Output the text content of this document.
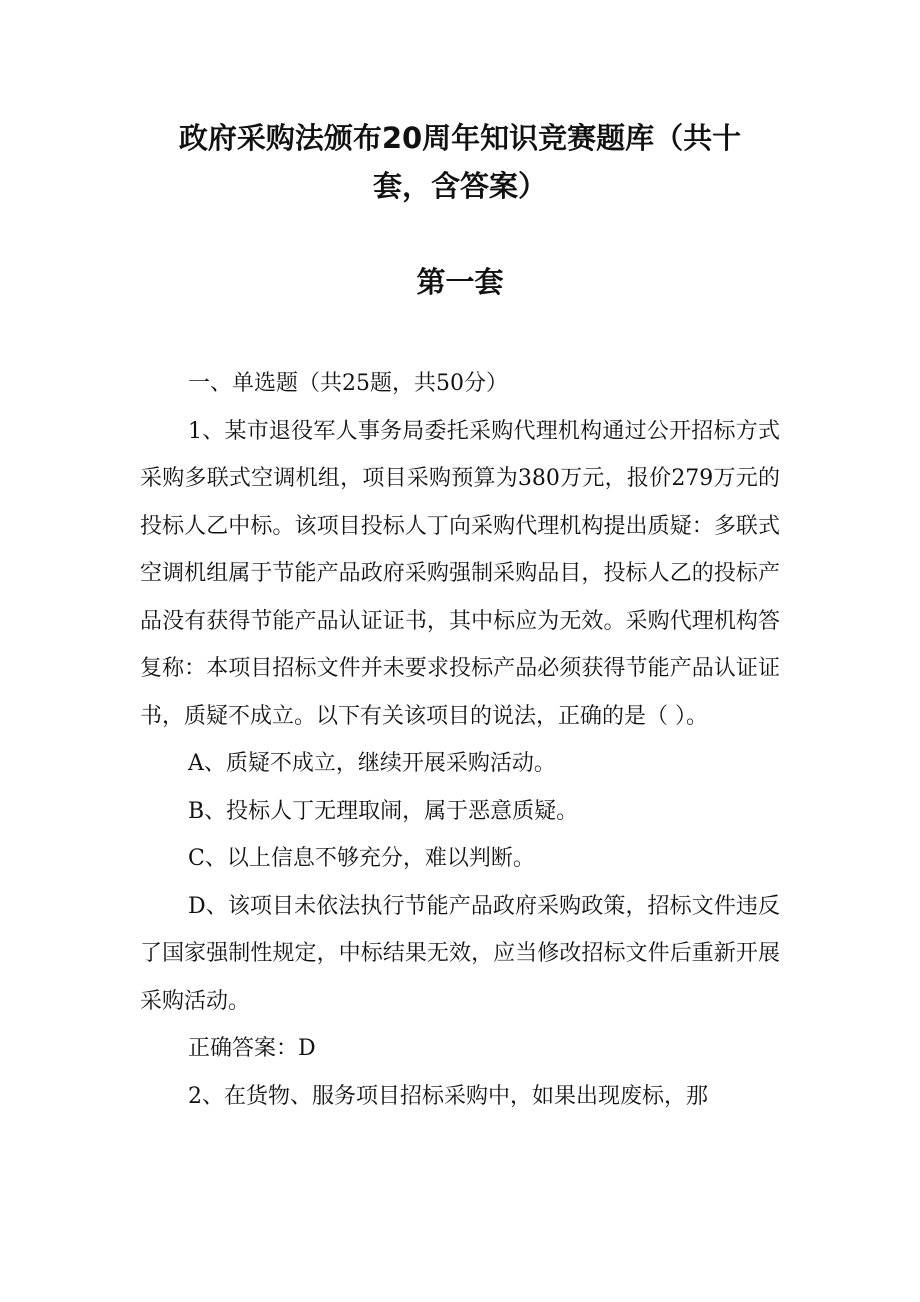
政府采购法颁布20周年知识竞赛题库（共十
套，含答案）
第一套

一、单选题（共25题，共50分）

1、某市退役军人事务局委托采购代理机构通过公开招标方式采购多联式空调机组，项目采购预算为380万元，报价279万元的投标人乙中标。该项目投标人丁向采购代理机构提出质疑：多联式空调机组属于节能产品政府采购强制采购品目，投标人乙的投标产品没有获得节能产品认证证书，其中标应为无效。采购代理机构答复称：本项目招标文件并未要求投标产品必须获得节能产品认证证书，质疑不成立。以下有关该项目的说法，正确的是（ ）。

A、质疑不成立，继续开展采购活动。

B、投标人丁无理取闹，属于恶意质疑。

C、以上信息不够充分，难以判断。

D、该项目未依法执行节能产品政府采购政策，招标文件违反了国家强制性规定，中标结果无效，应当修改招标文件后重新开展采购活动。

正确答案：D

2、在货物、服务项目招标采购中，如果出现废标，那
